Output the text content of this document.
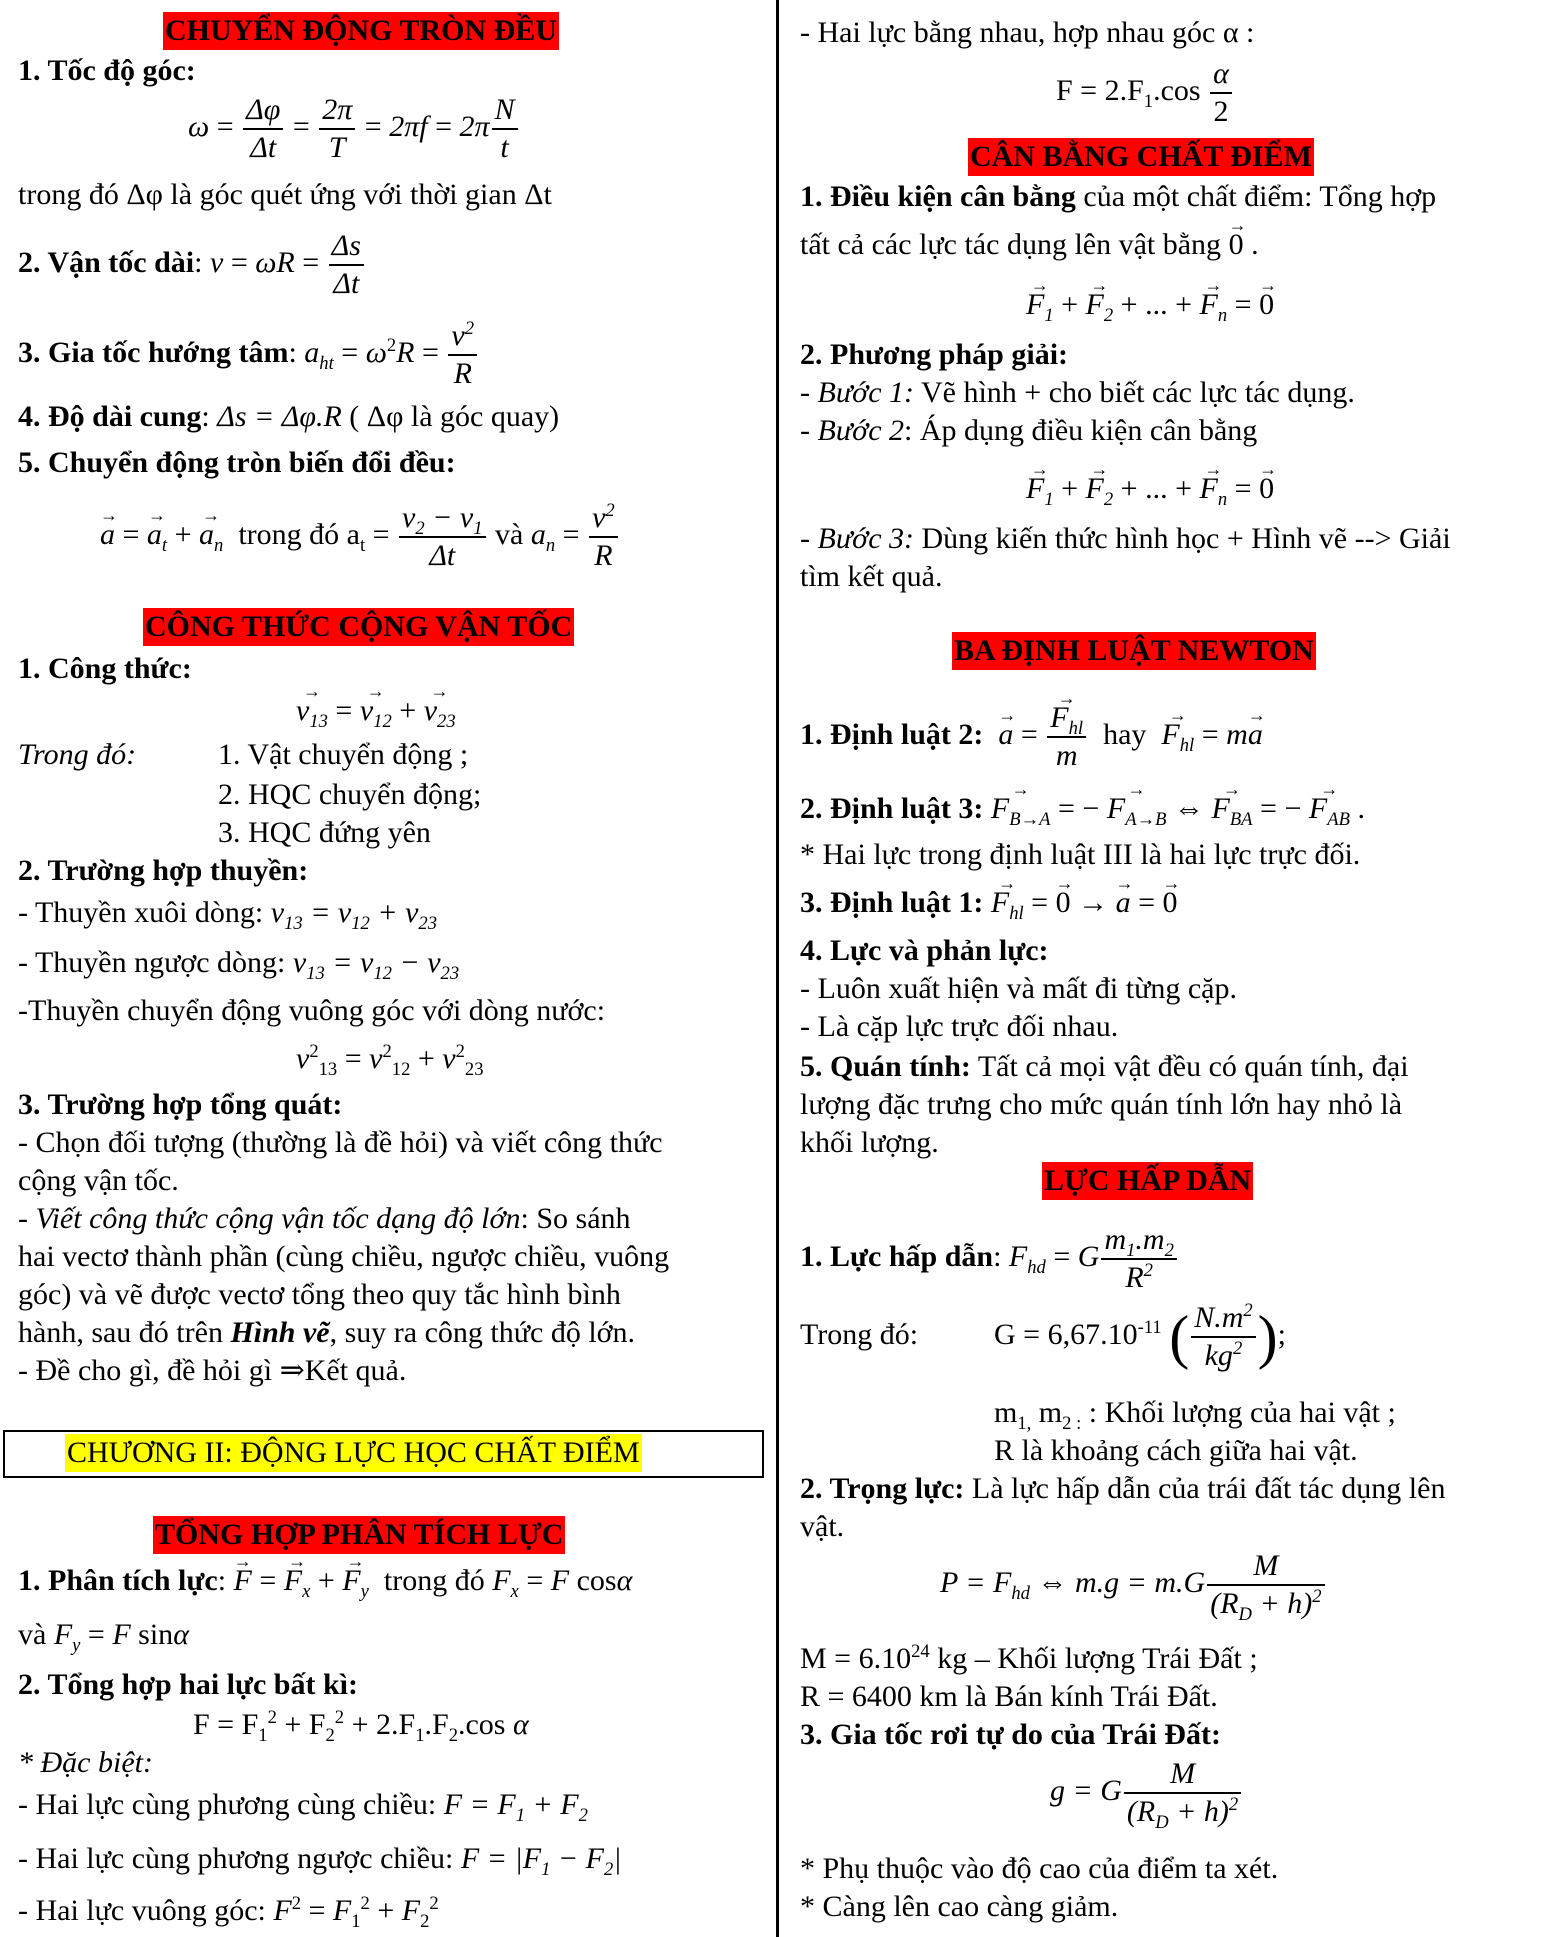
CHUYỂN ĐỘNG TRÒN ĐỀU
1. Tốc độ góc:
$\omega = \frac{\Delta\varphi}{\Delta t} = \frac{2\pi}{T} = 2\pi f = 2\pi \frac{N}{t}$
trong đó Δφ là góc quét ứng với thời gian Δt
2. Vận tốc dài: $v = \omega R = \frac{\Delta s}{\Delta t}$
3. Gia tốc hướng tâm: $a_{ht} = \omega^2R = \frac{v^2}{R}$
4. Độ dài cung: Δs = Δφ.R ( Δφ là góc quay)
5. Chuyển động tròn biến đổi đều:
→ a = → $a_t$ + → $a_n$ trong đó $a_t = \frac{v_2 - v_1}{\Delta t}$ và $a_n = \frac{v^2}{R}$
CÔNG THỨC CỘNG VẬN TỐC
1. Công thức:
→ $v_{13}$ = → $v_{12}$ + → $v_{23}$
Trong đó:	1. Vật chuyển động ;
2. HQC chuyển động;
3. HQC đứng yên
2. Trường hợp thuyền:
- Thuyền xuôi dòng: $v_{13} = v_{12} + v_{23}$
- Thuyền ngược dòng: $v_{13} = v_{12} - v_{23}$
-Thuyền chuyển động vuông góc với dòng nước:
$v^2_{13} = v^2_{12} + v^2_{23}$
3. Trường hợp tổng quát:
- Chọn đối tượng (thường là đề hỏi) và viết công thức
cộng vận tốc.
- Viết công thức cộng vận tốc dạng độ lớn: So sánh
hai vectơ thành phần (cùng chiều, ngược chiều, vuông
góc) và vẽ được vectơ tổng theo quy tắc hình bình
hành, sau đó trên Hình vẽ, suy ra công thức độ lớn.
- Đề cho gì, đề hỏi gì ⇒Kết quả.
CHƯƠNG II: ĐỘNG LỰC HỌC CHẤT ĐIỂM
TỔNG HỢP PHÂN TÍCH LỰC
1. Phân tích lực: → F = → $F_x$ + → $F_y$ trong đó $F_x = F$ cosα
và $F_y = F$ sinα
2. Tổng hợp hai lực bất kì:
$F = F_1^2 + F_2^2 + 2.F_1.F_2.\cos$ α
* Đặc biệt:
- Hai lực cùng phương cùng chiều: $F = F_1 + F_2$
- Hai lực cùng phương ngược chiều: $F = |F_1 - F_2|$
- Hai lực vuông góc: $F^2 = F_1^2 + F_2^2$
- Hai lực bằng nhau, hợp nhau góc α :
$F = 2.F_1.\cos \frac{\alpha}{2}$
CÂN BẰNG CHẤT ĐIỂM
1. Điều kiện cân bằng của một chất điểm: Tổng hợp
tất cả các lực tác dụng lên vật bằng → 0 .
→ $F_1$ + → $F_2$ + ... + → $F_n$ = → 0
2. Phương pháp giải:
- Bước 1: Vẽ hình + cho biết các lực tác dụng.
- Bước 2: Áp dụng điều kiện cân bằng
→ $F_1$ + → $F_2$ + ... + → $F_n$ = → 0
- Bước 3: Dùng kiến thức hình học + Hình vẽ --> Giải
tìm kết quả.
BA ĐỊNH LUẬT NEWTON
1. Định luật 2: → a =
→ $F_{hl}$
m
hay → $F_{hl} = m\to a$
2. Định luật 3: → $F_{B\to A}$ = − → $F_{A\to B}$ ⇔ → $F_{BA}$ = − → $F_{AB}$ .
* Hai lực trong định luật III là hai lực trực đối.
3. Định luật 1: → $F_{hl}$ = → 0 → → a = → 0
4. Lực và phản lực:
- Luôn xuất hiện và mất đi từng cặp.
- Là cặp lực trực đối nhau.
5. Quán tính: Tất cả mọi vật đều có quán tính, đại
lượng đặc trưng cho mức quán tính lớn hay nhỏ là
khối lượng.
LỰC HẤP DẪN
1. Lực hấp dẫn: $F_{hd} = G \frac{m_1.m_2}{R^2}$
Trong đó:	$G = 6,67.10^{-11}$ ( $\frac{N.m^2}{kg^2}$ );
$m_{1,}$ $m_{2 :}$ : Khối lượng của hai vật ;
R là khoảng cách giữa hai vật.
2. Trọng lực: Là lực hấp dẫn của trái đất tác dụng lên
vật.
$P = F_{hd}$ ⇔ $m.g = m.G \frac{M}{(R_D + h)^2}$
$M = 6.10^{24}$ kg – Khối lượng Trái Đất ;
R = 6400 km là Bán kính Trái Đất.
3. Gia tốc rơi tự do của Trái Đất:
g = G $\frac{M}{(R_D + h)^2}$
* Phụ thuộc vào độ cao của điểm ta xét.
* Càng lên cao càng giảm.
